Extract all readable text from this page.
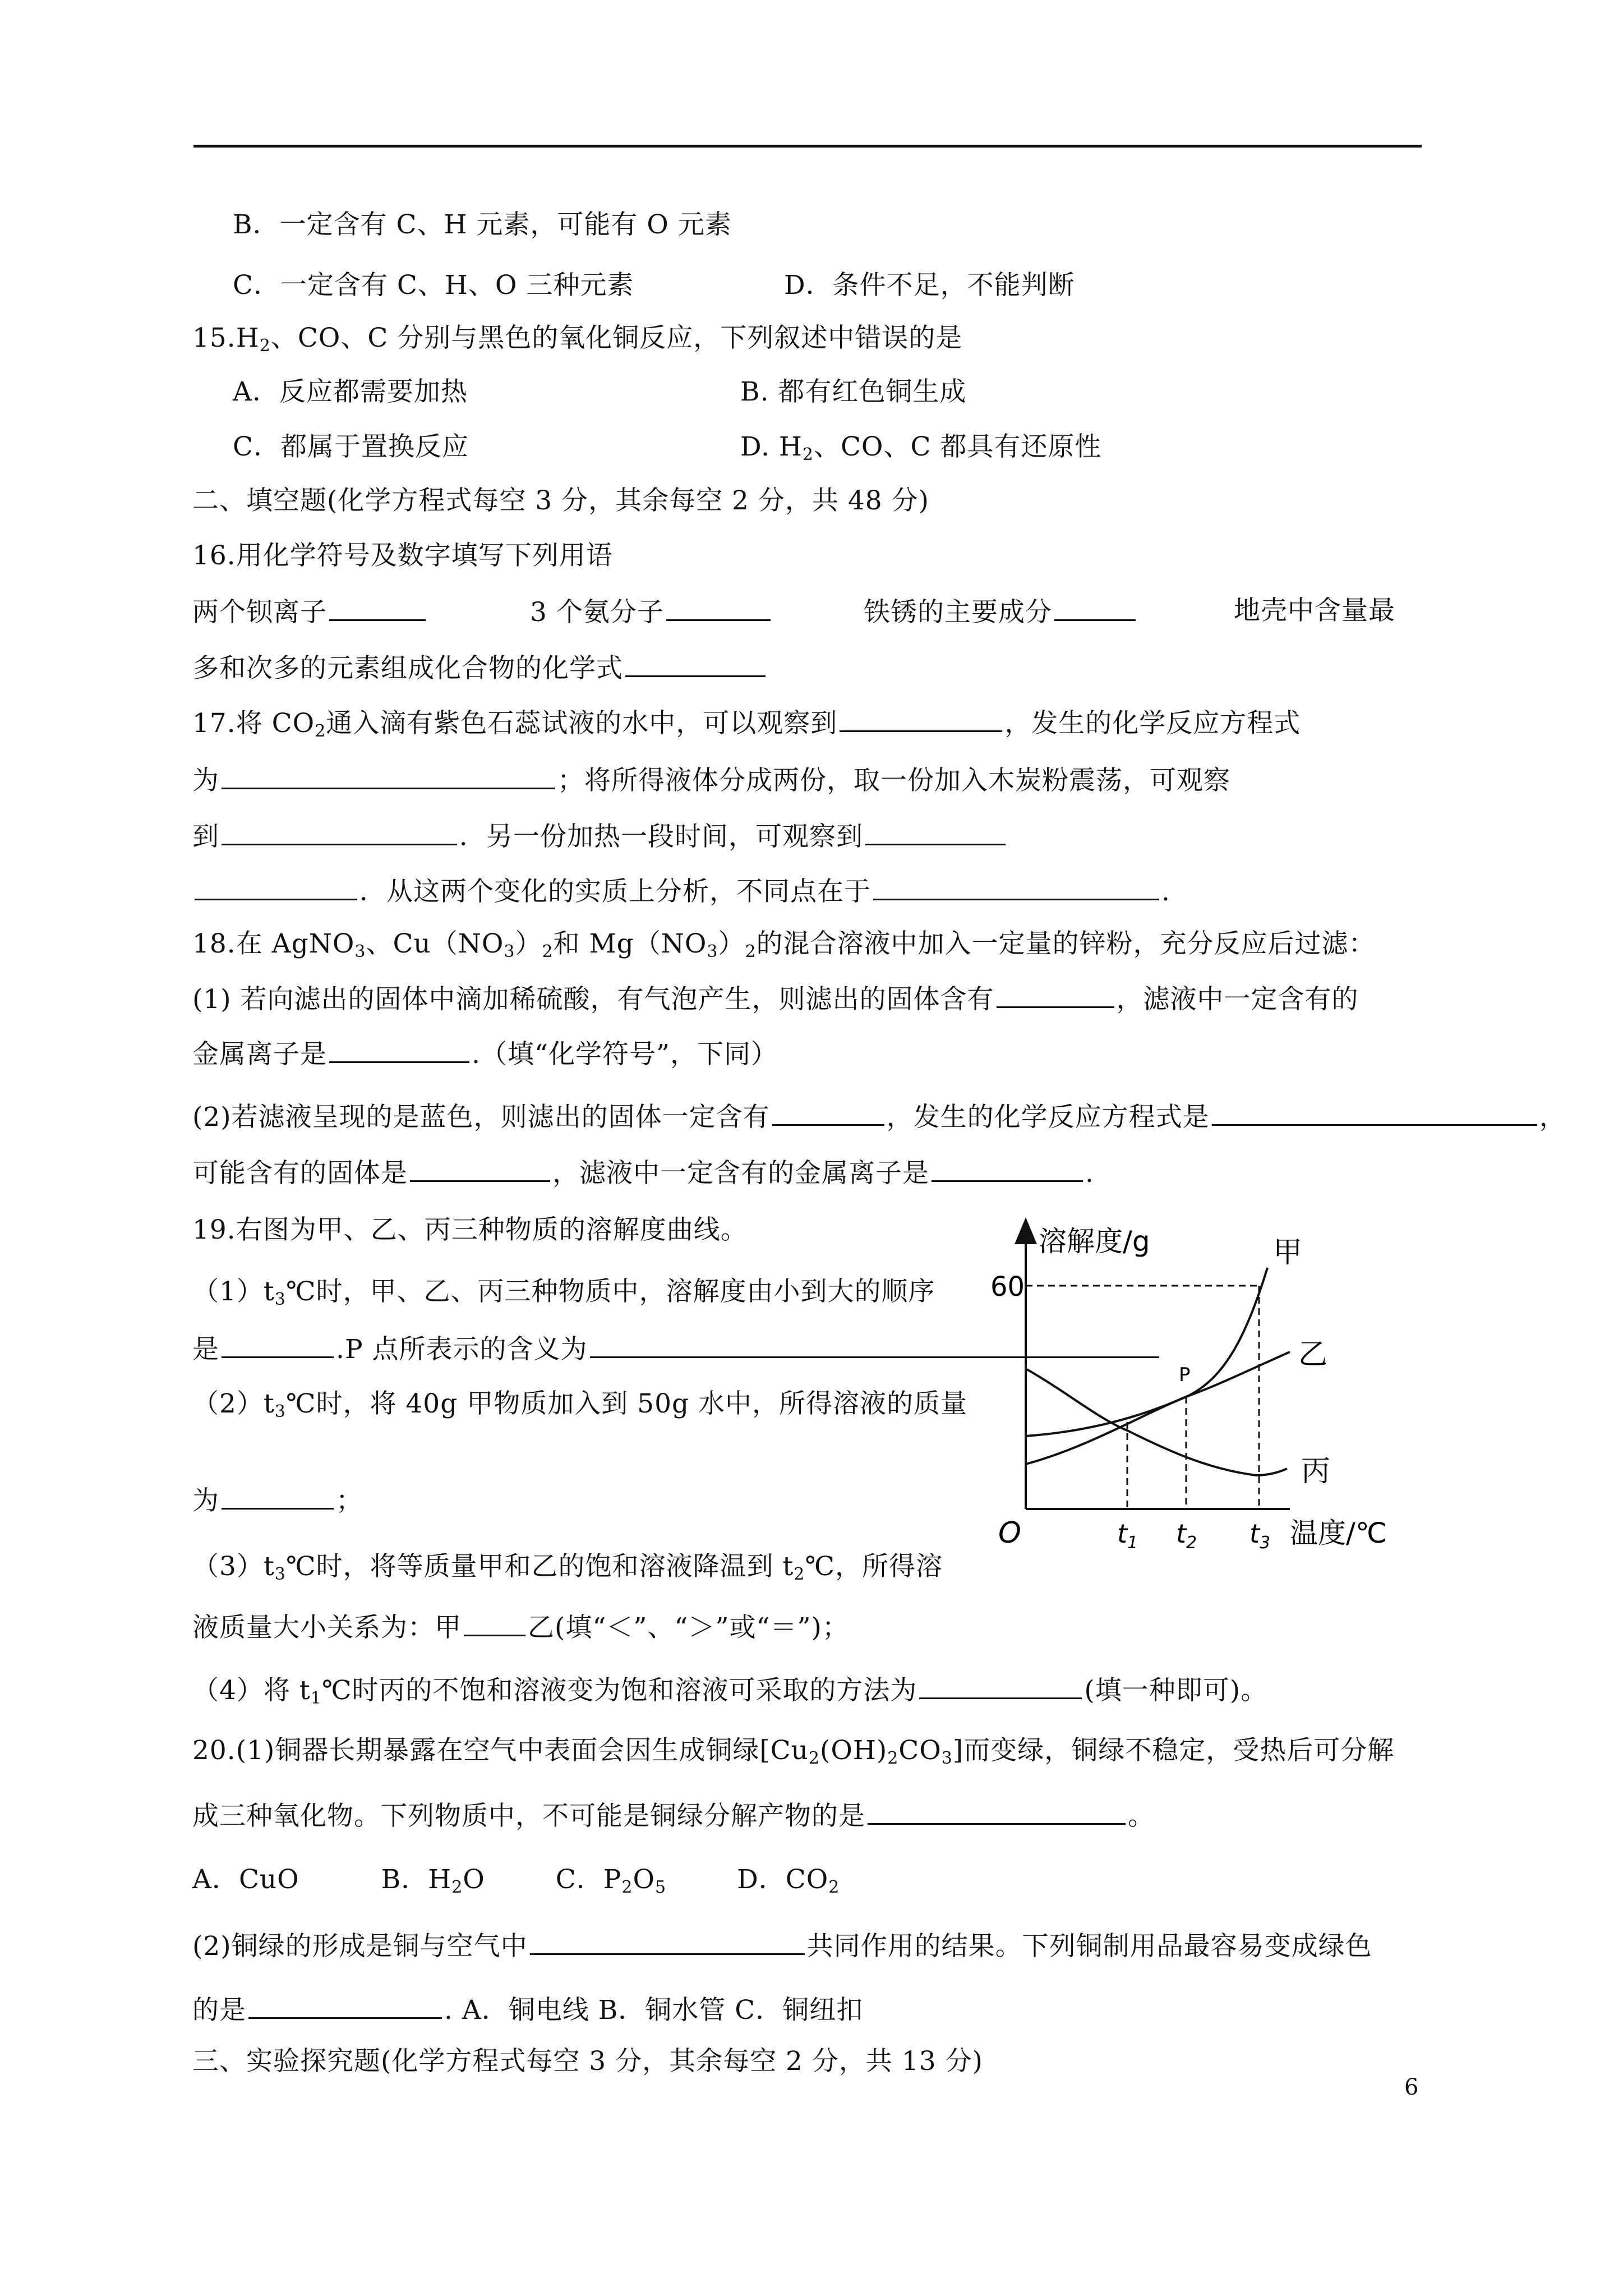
B．一定含有 C、H 元素，可能有 O 元素
C．一定含有 C、H、O 三种元素	D．条件不足，不能判断
$15.H_2$、CO、C 分别与黑色的氧化铜反应，下列叙述中错误的是
A．反应都需要加热	B. 都有红色铜生成
C．都属于置换反应	D. $H_2$、CO、C 都具有还原性
二、填空题(化学方程式每空 3 分，其余每空 2 分，共 48 分)
16.用化学符号及数字填写下列用语
两个钡离子	3 个氨分子	铁锈的主要成分	地壳中含量最
多和次多的元素组成化合物的化学式
17.将 $CO_2$通入滴有紫色石蕊试液的水中，可以观察到	，发生的化学反应方程式
为	；将所得液体分成两份，取一份加入木炭粉震荡，可观察
到	．另一份加热一段时间，可观察到
．从这两个变化的实质上分析，不同点在于	.
18.在 AgNO$_3$、$Cu(NO_3)_2$和 $Mg(NO_3)_2$的混合溶液中加入一定量的锌粉，充分反应后过滤：
(1) 若向滤出的固体中滴加稀硫酸，有气泡产生，则滤出的固体含有	，滤液中一定含有的
金属离子是	.（填“化学符号”，下同）
(2)若滤液呈现的是蓝色，则滤出的固体一定含有	，发生的化学反应方程式是	，
可能含有的固体是	，滤液中一定含有的金属离子是	.
19.右图为甲、乙、丙三种物质的溶解度曲线。
$(1)t_3℃$时，甲、乙、丙三种物质中，溶解度由小到大的顺序
是	.P 点所表示的含义为
$(2)t_3℃$时，将 40g 甲物质加入到 50g 水中，所得溶液的质量
为	；
$(3)t_3℃$时，将等质量甲和乙的饱和溶液降温到 $t_2℃$，所得溶
液质量大小关系为：甲	乙(填“＜”、“＞”或“＝”)；
（4）将 $t_1℃$时丙的不饱和溶液变为饱和溶液可采取的方法为	(填一种即可)。
20.(1)铜器长期暴露在空气中表面会因生成铜绿$[Cu_2(OH)_2CO_3]$而变绿，铜绿不稳定，受热后可分解
成三种氧化物。下列物质中，不可能是铜绿分解产物的是	。
A．CuO	B．$H_2O$	C．$P_2O_5$	D．$CO_2$
(2)铜绿的形成是铜与空气中	共同作用的结果。下列铜制用品最容易变成绿色
的是	. A．铜电线 B．铜水管 C．铜纽扣
三、实验探究题(化学方程式每空 3 分，其余每空 2 分，共 13 分)
6
溶解度/g
温度/℃
O
60
甲
乙
丙
P
$t_1$ $t_2$ $t_3$
